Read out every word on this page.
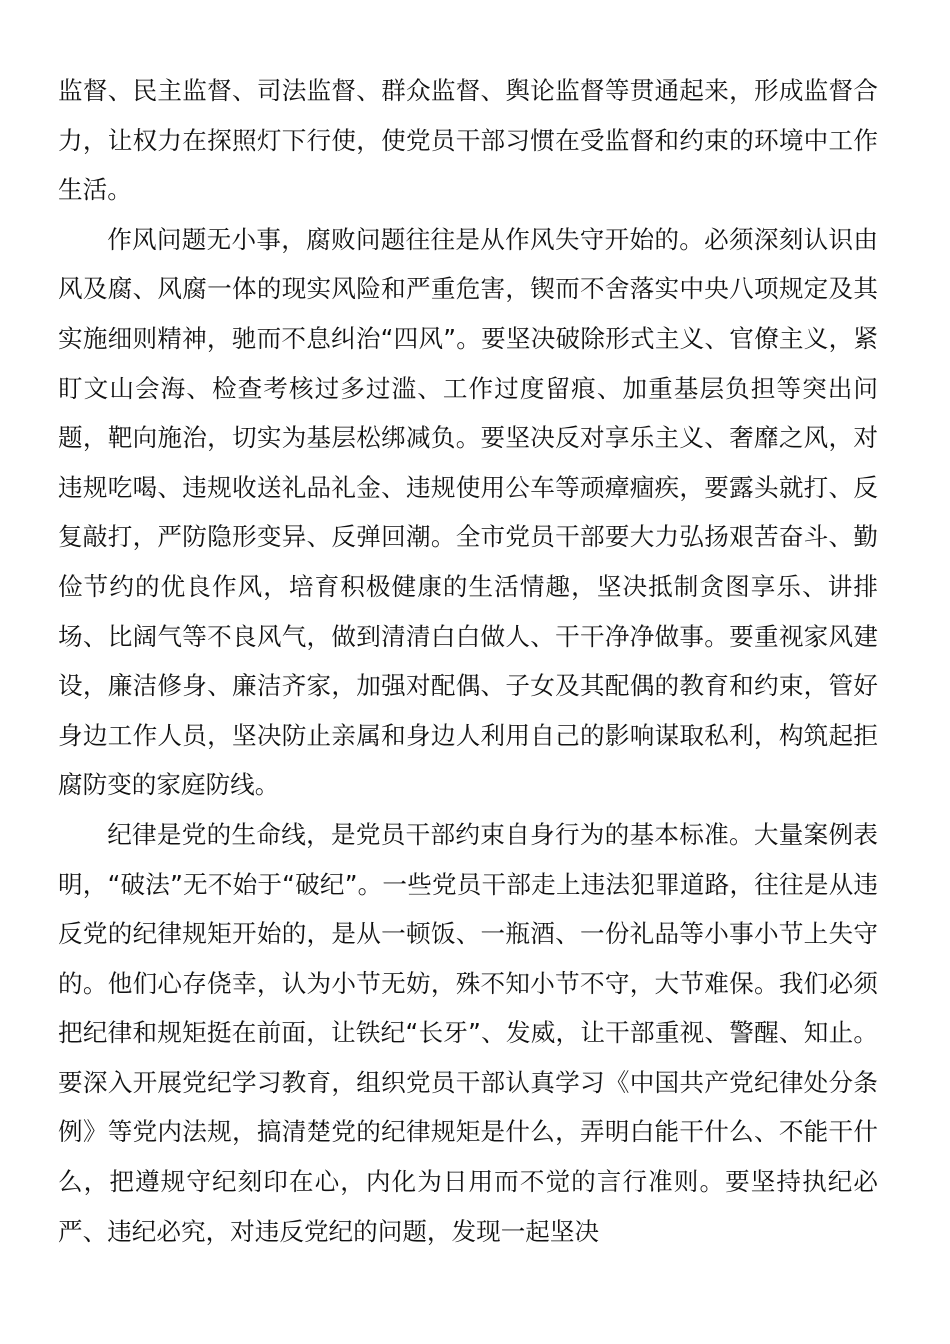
监督、民主监督、司法监督、群众监督、舆论监督等贯通起来，形成监督合力，让权力在探照灯下行使，使党员干部习惯在受监督和约束的环境中工作生活。

作风问题无小事，腐败问题往往是从作风失守开始的。必须深刻认识由风及腐、风腐一体的现实风险和严重危害，锲而不舍落实中央八项规定及其实施细则精神，驰而不息纠治“四风”。要坚决破除形式主义、官僚主义，紧盯文山会海、检查考核过多过滥、工作过度留痕、加重基层负担等突出问题，靶向施治，切实为基层松绑减负。要坚决反对享乐主义、奢靡之风，对违规吃喝、违规收送礼品礼金、违规使用公车等顽瘴痼疾，要露头就打、反复敲打，严防隐形变异、反弹回潮。全市党员干部要大力弘扬艰苦奋斗、勤俭节约的优良作风，培育积极健康的生活情趣，坚决抵制贪图享乐、讲排场、比阔气等不良风气，做到清清白白做人、干干净净做事。要重视家风建设，廉洁修身、廉洁齐家，加强对配偶、子女及其配偶的教育和约束，管好身边工作人员，坚决防止亲属和身边人利用自己的影响谋取私利，构筑起拒腐防变的家庭防线。

纪律是党的生命线，是党员干部约束自身行为的基本标准。大量案例表明，“破法”无不始于“破纪”。一些党员干部走上违法犯罪道路，往往是从违反党的纪律规矩开始的，是从一顿饭、一瓶酒、一份礼品等小事小节上失守的。他们心存侥幸，认为小节无妨，殊不知小节不守，大节难保。我们必须把纪律和规矩挺在前面，让铁纪“长牙”、发威，让干部重视、警醒、知止。要深入开展党纪学习教育，组织党员干部认真学习《中国共产党纪律处分条例》等党内法规，搞清楚党的纪律规矩是什么，弄明白能干什么、不能干什么，把遵规守纪刻印在心，内化为日用而不觉的言行准则。要坚持执纪必严、违纪必究，对违反党纪的问题，发现一起坚决
